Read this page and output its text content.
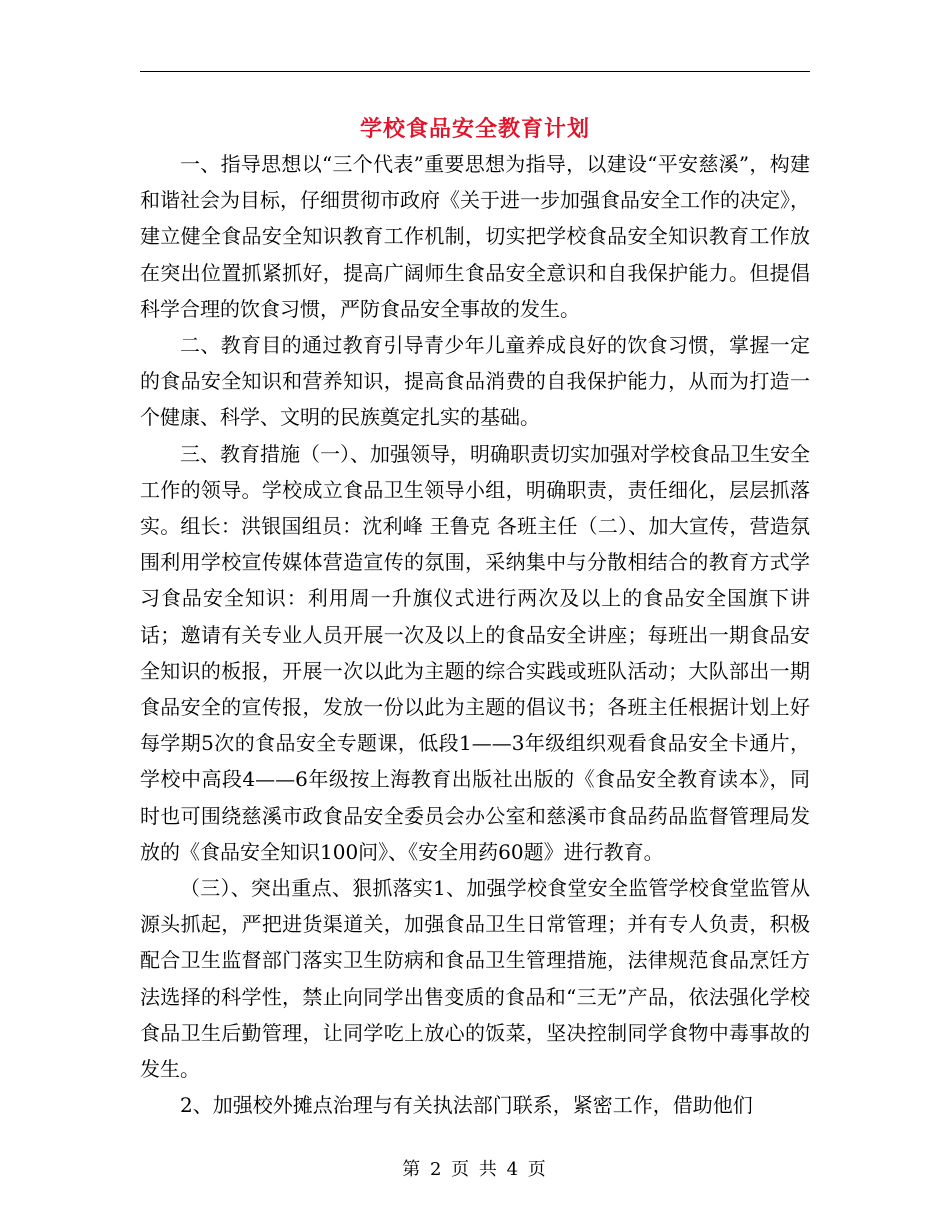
学校食品安全教育计划

一、指导思想以“三个代表”重要思想为指导，以建设“平安慈溪”，构建和谐社会为目标，仔细贯彻市政府《关于进一步加强食品安全工作的决定》，建立健全食品安全知识教育工作机制，切实把学校食品安全知识教育工作放在突出位置抓紧抓好，提高广阔师生食品安全意识和自我保护能力。但提倡科学合理的饮食习惯，严防食品安全事故的发生。

二、教育目的通过教育引导青少年儿童养成良好的饮食习惯，掌握一定的食品安全知识和营养知识，提高食品消费的自我保护能力，从而为打造一个健康、科学、文明的民族奠定扎实的基础。

三、教育措施（一）、加强领导，明确职责切实加强对学校食品卫生安全工作的领导。学校成立食品卫生领导小组，明确职责，责任细化，层层抓落实。组长：洪银国组员：沈利峰 王鲁克 各班主任（二）、加大宣传，营造氛围利用学校宣传媒体营造宣传的氛围，采纳集中与分散相结合的教育方式学习食品安全知识：利用周一升旗仪式进行两次及以上的食品安全国旗下讲话；邀请有关专业人员开展一次及以上的食品安全讲座；每班出一期食品安全知识的板报，开展一次以此为主题的综合实践或班队活动；大队部出一期食品安全的宣传报，发放一份以此为主题的倡议书；各班主任根据计划上好每学期5次的食品安全专题课，低段1——3年级组织观看食品安全卡通片，学校中高段4——6年级按上海教育出版社出版的《食品安全教育读本》，同时也可围绕慈溪市政食品安全委员会办公室和慈溪市食品药品监督管理局发放的《食品安全知识100问》、《安全用药60题》进行教育。

（三）、突出重点、狠抓落实1、加强学校食堂安全监管学校食堂监管从源头抓起，严把进货渠道关，加强食品卫生日常管理；并有专人负责，积极配合卫生监督部门落实卫生防病和食品卫生管理措施，法律规范食品烹饪方法选择的科学性，禁止向同学出售变质的食品和“三无”产品，依法强化学校食品卫生后勤管理，让同学吃上放心的饭菜，坚决控制同学食物中毒事故的发生。

2、加强校外摊点治理与有关执法部门联系，紧密工作，借助他们

第 2 页 共 4 页
